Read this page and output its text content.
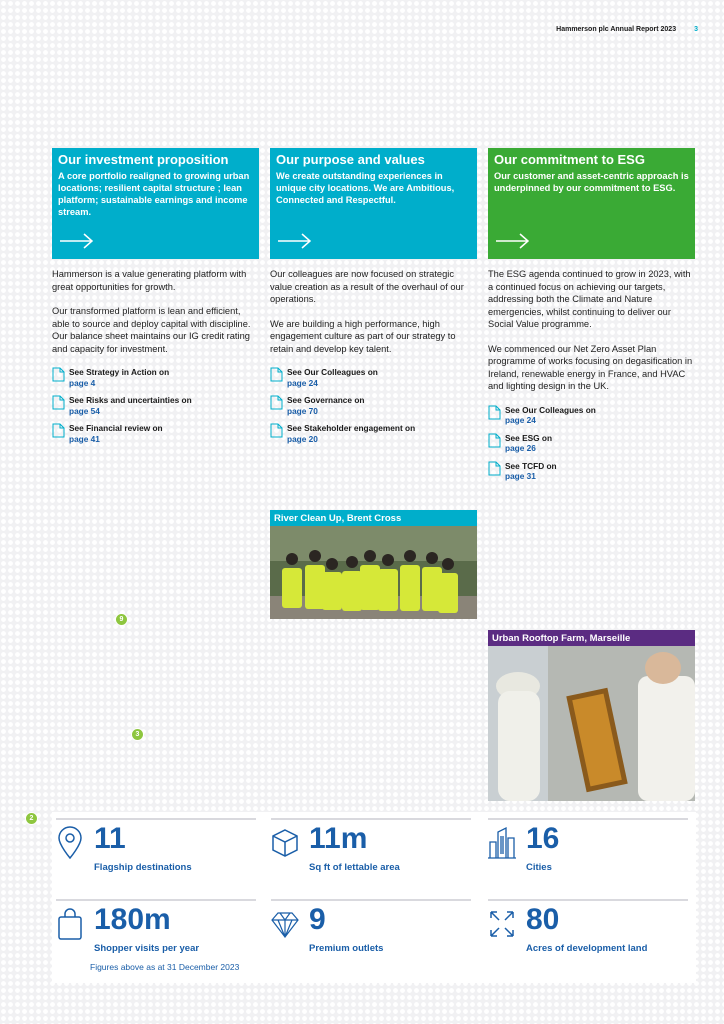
Hammerson plc Annual Report 2023	3
Our investment proposition

A core portfolio realigned to growing urban locations; resilient capital structure ; lean platform; sustainable earnings and income stream.

Hammerson is a value generating platform with great opportunities for growth.

Our transformed platform is lean and efficient, able to source and deploy capital with discipline. Our balance sheet maintains our IG credit rating and capacity for investment.

See Strategy in Action on
page 4
See Risks and uncertainties on
page 54
See Financial review on
page 41
Our purpose and values

We create outstanding experiences in unique city locations. We are Ambitious, Connected and Respectful.

Our colleagues are now focused on strategic value creation as a result of the overhaul of our operations.

We are building a high performance, high engagement culture as part of our strategy to retain and develop key talent.

See Our Colleagues on
page 24
See Governance on
page 70
See Stakeholder engagement on
page 20
Our commitment to ESG

Our customer and asset-centric approach is underpinned by our commitment to ESG.

The ESG agenda continued to grow in 2023, with a continued focus on achieving our targets, addressing both the Climate and Nature emergencies, whilst continuing to deliver our Social Value programme.

We commenced our Net Zero Asset Plan programme of works focusing on degasification in Ireland, renewable energy in France, and HVAC and lighting design in the UK.

See Our Colleagues on
page 24
See ESG on
page 26
See TCFD on
page 31
River Clean Up, Brent Cross
Urban Rooftop Farm, Marseille
9
3
2
11
Flagship destinations
11m
Sq ft of lettable area
16
Cities
180m
Shopper visits per year
9
Premium outlets
80
Acres of development land
Figures above as at 31 December 2023
